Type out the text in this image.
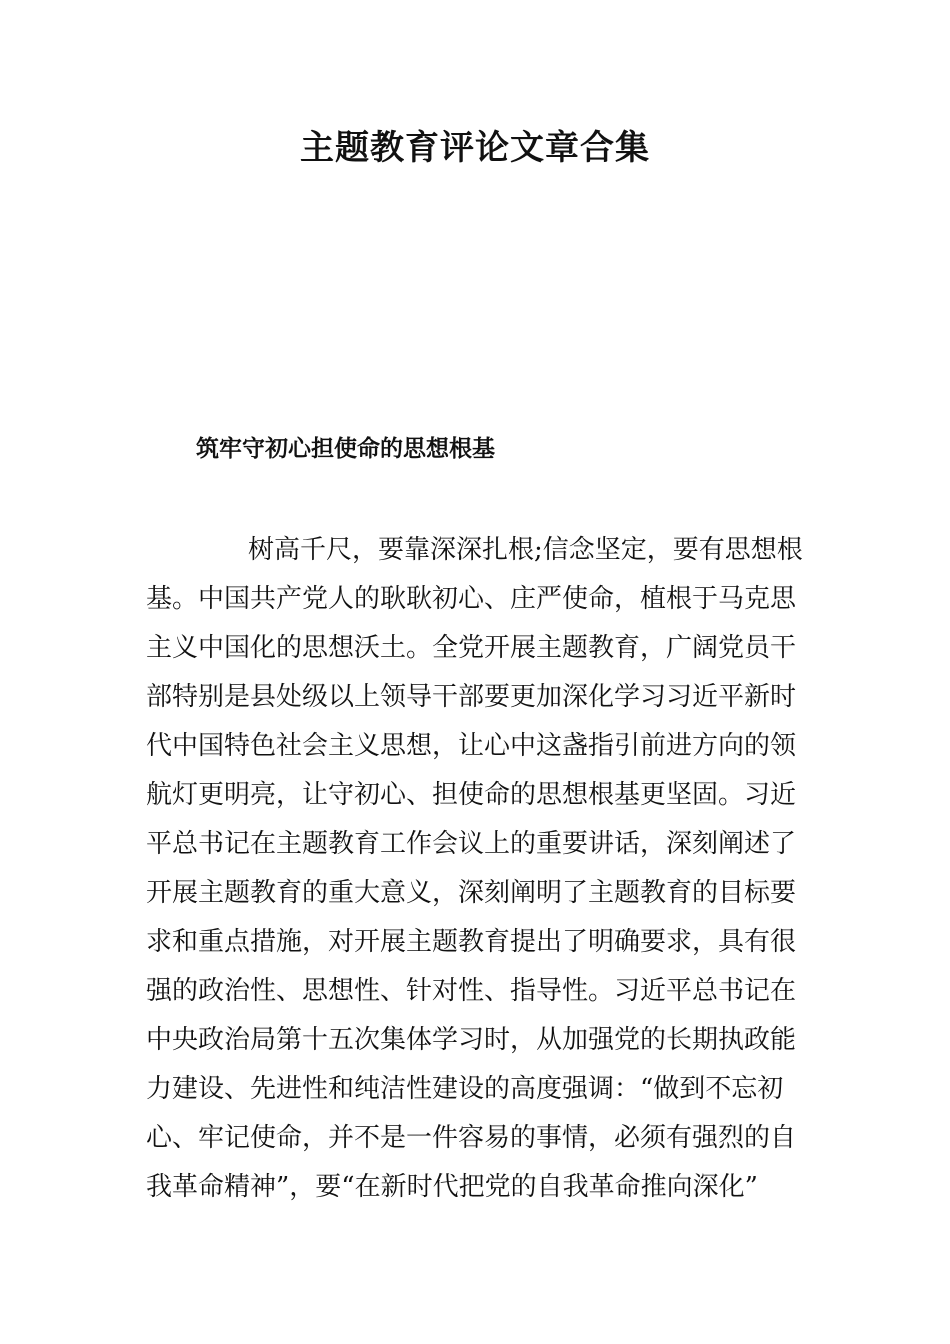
主题教育评论文章合集
筑牢守初心担使命的思想根基
树高千尺，要靠深深扎根;信念坚定，要有思想根
基。中国共产党人的耿耿初心、庄严使命，植根于马克思
主义中国化的思想沃土。全党开展主题教育，广阔党员干
部特别是县处级以上领导干部要更加深化学习习近平新时
代中国特色社会主义思想，让心中这盏指引前进方向的领
航灯更明亮，让守初心、担使命的思想根基更坚固。习近
平总书记在主题教育工作会议上的重要讲话，深刻阐述了
开展主题教育的重大意义，深刻阐明了主题教育的目标要
求和重点措施，对开展主题教育提出了明确要求，具有很
强的政治性、思想性、针对性、指导性。习近平总书记在
中央政治局第十五次集体学习时，从加强党的长期执政能
力建设、先进性和纯洁性建设的高度强调：“做到不忘初
心、牢记使命，并不是一件容易的事情，必须有强烈的自
我革命精神”，要“在新时代把党的自我革命推向深化”
